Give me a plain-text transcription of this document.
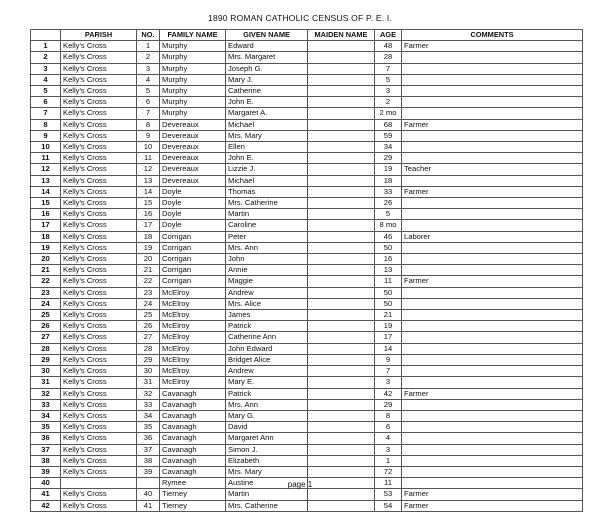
1890 ROMAN CATHOLIC CENSUS OF P. E. I.
	PARISH	NO.	FAMILY NAME	GIVEN NAME	MAIDEN NAME	AGE	COMMENTS
1	Kelly's Cross	1	Murphy	Edward		48	Farmer
2	Kelly's Cross	2	Murphy	Mrs. Margaret		28	
3	Kelly's Cross	3	Murphy	Joseph G.		7	
4	Kelly's Cross	4	Murphy	Mary J.		5	
5	Kelly's Cross	5	Murphy	Catherine		3	
6	Kelly's Cross	6	Murphy	John E.		2	
7	Kelly's Cross	7	Murphy	Margaret A.		2 mo	
8	Kelly's Cross	8	Devereaux	Michael		68	Farmer
9	Kelly's Cross	9	Devereaux	Mrs. Mary		59	
10	Kelly's Cross	10	Devereaux	Ellen		34	
11	Kelly's Cross	11	Devereaux	John E.		29	
12	Kelly's Cross	12	Devereaux	Lizzie J.		19	Teacher
13	Kelly's Cross	13	Devereaux	Michael		18	
14	Kelly's Cross	14	Doyle	Thomas		33	Farmer
15	Kelly's Cross	15	Doyle	Mrs. Catherine		26	
16	Kelly's Cross	16	Doyle	Martin		5	
17	Kelly's Cross	17	Doyle	Caroline		8 mo	
18	Kelly's Cross	18	Corrigan	Peter		46	Laborer
19	Kelly's Cross	19	Corrigan	Mrs. Ann		50	
20	Kelly's Cross	20	Corrigan	John		16	
21	Kelly's Cross	21	Corrigan	Annie		13	
22	Kelly's Cross	22	Corrigan	Maggie		11	Farmer
23	Kelly's Cross	23	McElroy	Andrew		50	
24	Kelly's Cross	24	McElroy	Mrs. Alice		50	
25	Kelly's Cross	25	McElroy	James		21	
26	Kelly's Cross	26	McElroy	Patrick		19	
27	Kelly's Cross	27	McElroy	Catherine Ann		17	
28	Kelly's Cross	28	McElroy	John Edward		14	
29	Kelly's Cross	29	McElroy	Bridget Alice		9	
30	Kelly's Cross	30	McElroy	Andrew		7	
31	Kelly's Cross	31	McElroy	Mary E.		3	
32	Kelly's Cross	32	Cavanagh	Patrick		42	Farmer
33	Kelly's Cross	33	Cavanagh	Mrs. Ann		29	
34	Kelly's Cross	34	Cavanagh	Mary G.		8	
35	Kelly's Cross	35	Cavanagh	David		6	
36	Kelly's Cross	36	Cavanagh	Margaret Ann		4	
37	Kelly's Cross	37	Cavanagh	Simon J.		3	
38	Kelly's Cross	38	Cavanagh	Elizabeth		1	
39	Kelly's Cross	39	Cavanagh	Mrs. Mary		72	
40			Rymee	Austine		11	
41	Kelly's Cross	40	Tierney	Martin		53	Farmer
42	Kelly's Cross	41	Tierney	Mrs. Catherine		54	Farmer
page 1
